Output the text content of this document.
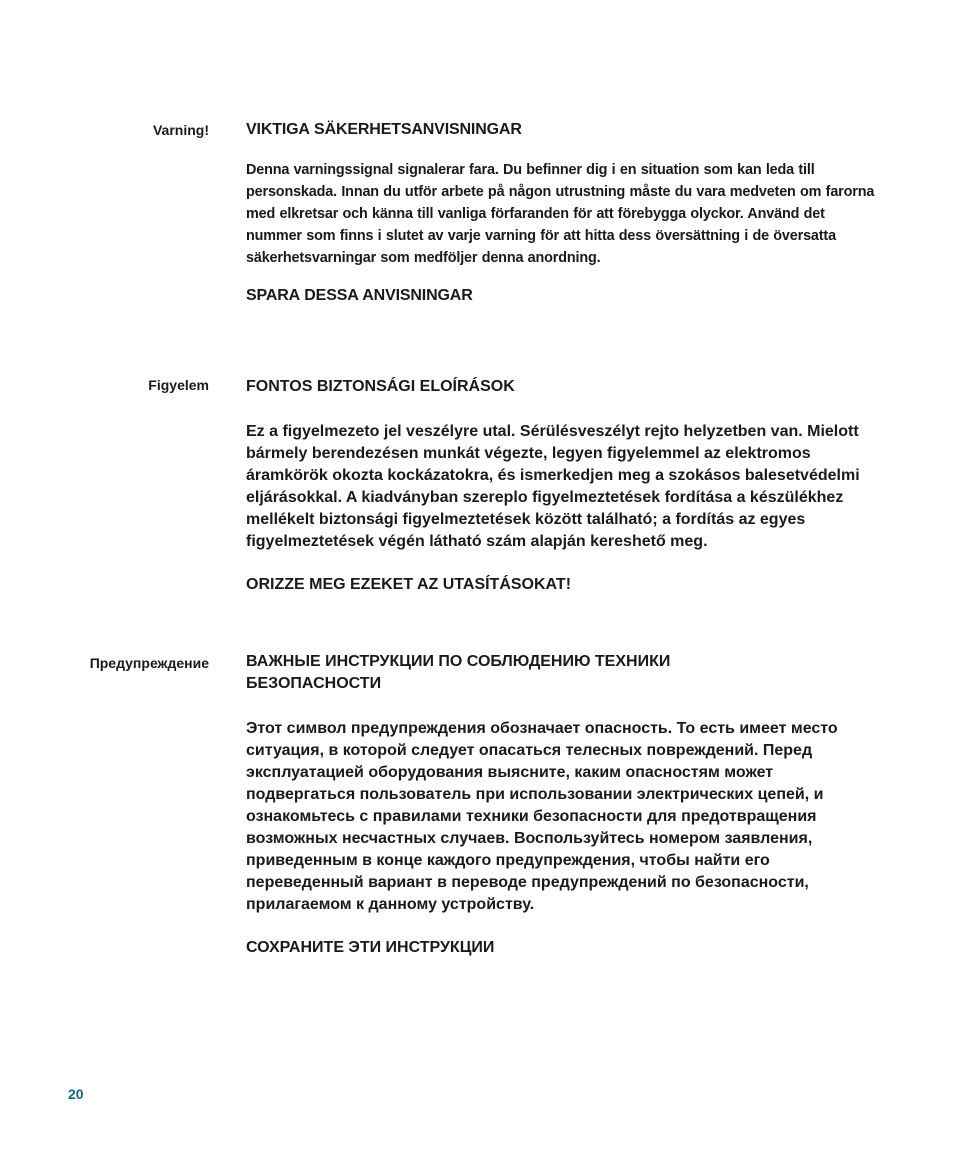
Varning! VIKTIGA SÄKERHETSANVISNINGAR

Denna varningssignal signalerar fara. Du befinner dig i en situation som kan leda till personskada. Innan du utför arbete på någon utrustning måste du vara medveten om farorna med elkretsar och känna till vanliga förfaranden för att förebygga olyckor. Använd det nummer som finns i slutet av varje varning för att hitta dess översättning i de översatta säkerhetsvarningar som medföljer denna anordning.

SPARA DESSA ANVISNINGAR

Figyelem FONTOS BIZTONSÁGI ELOÍRÁSOK

Ez a figyelmezeto jel veszélyre utal. Sérülésveszélyt rejto helyzetben van. Mielott bármely berendezésen munkát végezte, legyen figyelemmel az elektromos áramkörök okozta kockázatokra, és ismerkedjen meg a szokásos balesetvédelmi eljárásokkal. A kiadványban szereplo figyelmeztetések fordítása a készülékhez mellékelt biztonsági figyelmeztetések között található; a fordítás az egyes figyelmeztetések végén látható szám alapján kereshető meg.

ORIZZE MEG EZEKET AZ UTASÍTÁSOKAT!

Предупреждение ВАЖНЫЕ ИНСТРУКЦИИ ПО СОБЛЮДЕНИЮ ТЕХНИКИ БЕЗОПАСНОСТИ

Этот символ предупреждения обозначает опасность. То есть имеет место ситуация, в которой следует опасаться телесных повреждений. Перед эксплуатацией оборудования выясните, каким опасностям может подвергаться пользователь при использовании электрических цепей, и ознакомьтесь с правилами техники безопасности для предотвращения возможных несчастных случаев. Воспользуйтесь номером заявления, приведенным в конце каждого предупреждения, чтобы найти его переведенный вариант в переводе предупреждений по безопасности, прилагаемом к данному устройству.

СОХРАНИТЕ ЭТИ ИНСТРУКЦИИ

20
